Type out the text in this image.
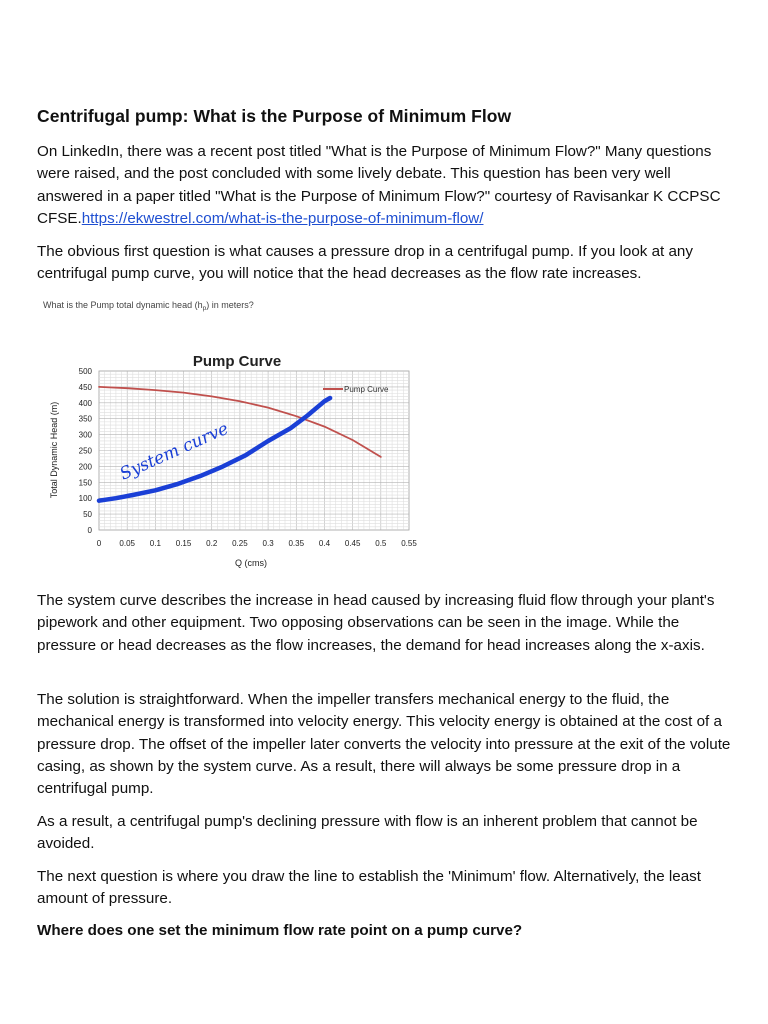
Centrifugal pump: What is the Purpose of Minimum Flow

On LinkedIn, there was a recent post titled "What is the Purpose of Minimum Flow?" Many questions were raised, and the post concluded with some lively debate. This question has been very well answered in a paper titled "What is the Purpose of Minimum Flow?" courtesy of Ravisankar K CCPSC CFSE.https://ekwestrel.com/what-is-the-purpose-of-minimum-flow/

The obvious first question is what causes a pressure drop in a centrifugal pump. If you look at any centrifugal pump curve, you will notice that the head decreases as the flow rate increases.

What is the Pump total dynamic head $(h_p)$ in meters?
0 0.05 0.1 0.15 0.2 0.25 0.3 0.35 0.4 0.45 0.5 0.55
0
50
100
150
200
250
300
350
400
450
500
Pump Curve
Q (cms)
Total Dynamic Head (m)
Pump Curve
System curve

The system curve describes the increase in head caused by increasing fluid flow through your plant's pipework and other equipment. Two opposing observations can be seen in the image. While the pressure or head decreases as the flow increases, the demand for head increases along the x-axis.

The solution is straightforward. When the impeller transfers mechanical energy to the fluid, the mechanical energy is transformed into velocity energy. This velocity energy is obtained at the cost of a pressure drop. The offset of the impeller later converts the velocity into pressure at the exit of the volute casing, as shown by the system curve. As a result, there will always be some pressure drop in a centrifugal pump.

As a result, a centrifugal pump's declining pressure with flow is an inherent problem that cannot be avoided.

The next question is where you draw the line to establish the 'Minimum' flow. Alternatively, the least amount of pressure.

Where does one set the minimum flow rate point on a pump curve?
